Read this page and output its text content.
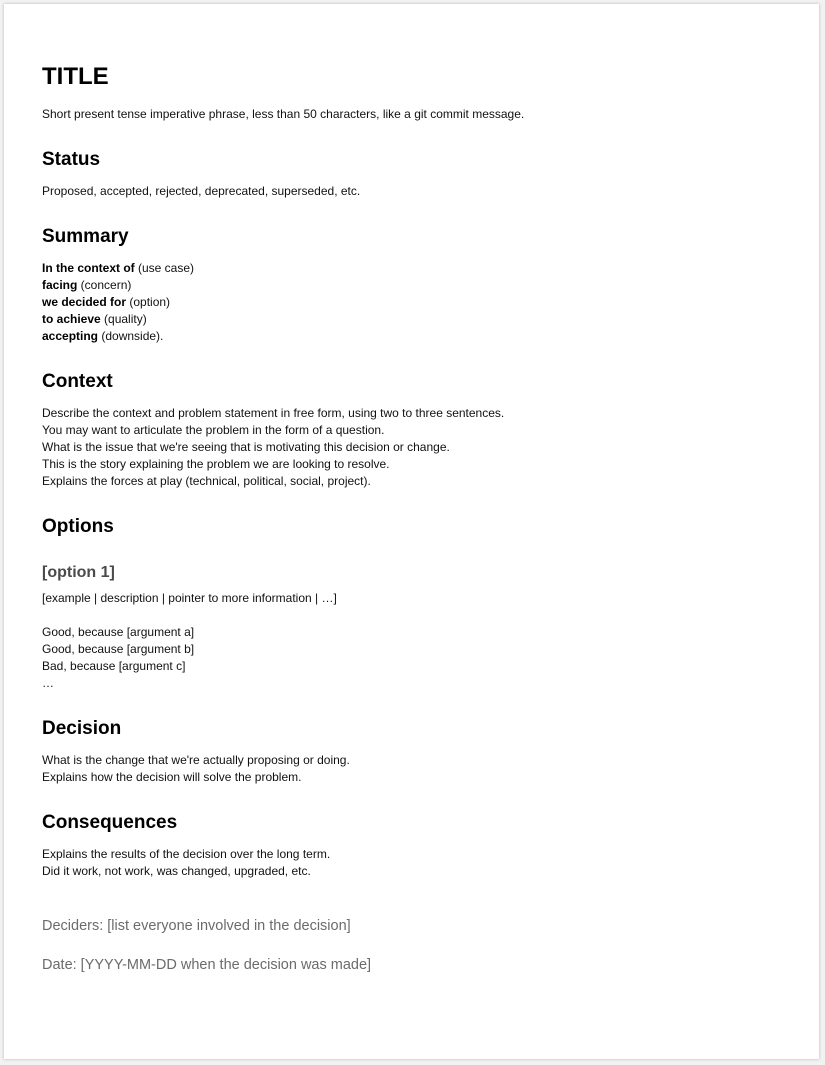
TITLE

Short present tense imperative phrase, less than 50 characters, like a git commit message.

Status

Proposed, accepted, rejected, deprecated, superseded, etc.

Summary
In the context of (use case)
facing (concern)
we decided for (option)
to achieve (quality)
accepting (downside).
Context
Describe the context and problem statement in free form, using two to three sentences.
You may want to articulate the problem in the form of a question.
What is the issue that we're seeing that is motivating this decision or change.
This is the story explaining the problem we are looking to resolve.
Explains the forces at play (technical, political, social, project).
Options
[option 1]

[example | description | pointer to more information | …]

Good, because [argument a]
Good, because [argument b]
Bad, because [argument c]
…
Decision
What is the change that we're actually proposing or doing.
Explains how the decision will solve the problem.
Consequences
Explains the results of the decision over the long term.
Did it work, not work, was changed, upgraded, etc.

Deciders: [list everyone involved in the decision]

Date: [YYYY-MM-DD when the decision was made]
